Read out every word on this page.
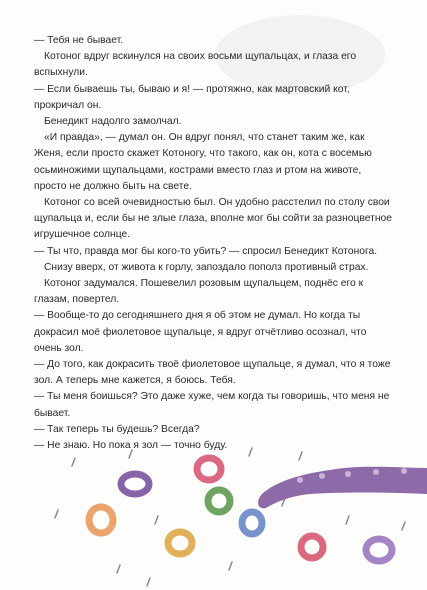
— Тебя не бывает.

Котоног вдруг вскинулся на своих восьми щупальцах, и глаза его вспыхнули.

— Если бываешь ты, бываю и я! — протяжно, как мартовский кот, прокричал он.

Бенедикт надолго замолчал.

«И правда», — думал он. Он вдруг понял, что станет таким же, как Женя, если просто скажет Котоногу, что такого, как он, кота с восемью осьминожими щупальцами, кострами вместо глаз и ртом на животе, просто не должно быть на свете.

Котоног со всей очевидностью был. Он удобно расстелил по столу свои щупальца и, если бы не злые глаза, вполне мог бы сойти за разноцветное игрушечное солнце.

— Ты что, правда мог бы кого-то убить? — спросил Бенедикт Котонога.

Снизу вверх, от живота к горлу, запоздало пополз противный страх.

Котоног задумался. Пошевелил розовым щупальцем, поднёс его к глазам, повертел.

— Вообще-то до сегодняшнего дня я об этом не думал. Но когда ты докрасил моё фиолетовое щупальце, я вдруг отчётливо осознал, что очень зол.

— До того, как докрасить твоё фиолетовое щупальце, я думал, что я тоже зол. А теперь мне кажется, я боюсь. Тебя.

— Ты меня боишься? Это даже хуже, чем когда ты говоришь, что меня не бывает.

— Так теперь ты будешь? Всегда?

— Не знаю. Но пока я зол — точно буду.
